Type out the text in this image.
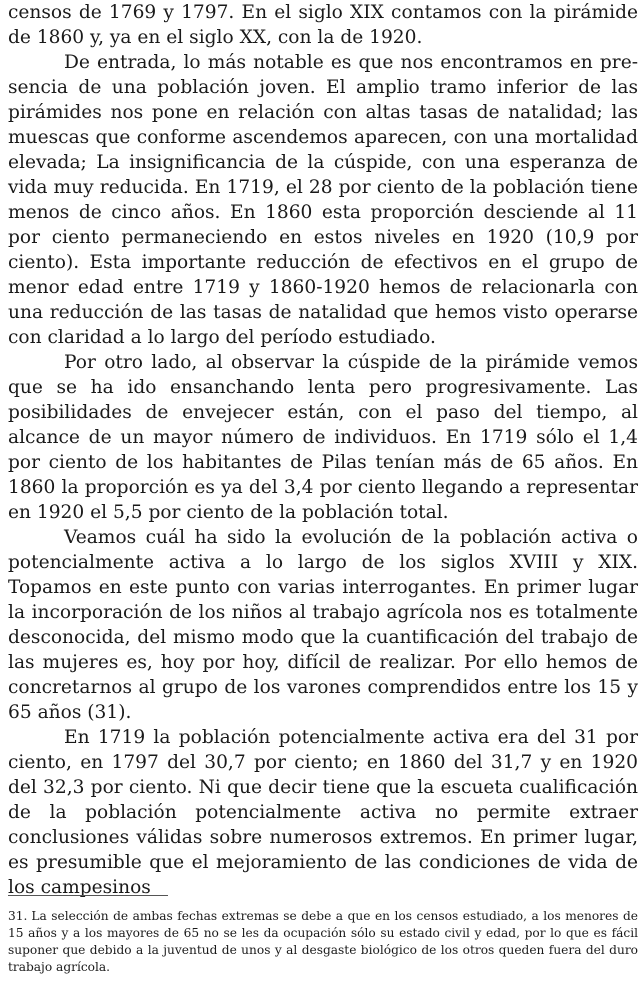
censos de 1769 y 1797. En el siglo XIX contamos con la pirámide de 1860 y, ya en el siglo XX, con la de 1920.

De entrada, lo más notable es que nos encontramos en presencia de una población joven. El amplio tramo inferior de las pirámides nos pone en relación con altas tasas de natalidad; las muescas que conforme ascendemos aparecen, con una mortalidad elevada; La insignificancia de la cúspide, con una esperanza de vida muy reducida. En 1719, el 28 por ciento de la población tiene menos de cinco años. En 1860 esta proporción desciende al 11 por ciento permaneciendo en estos niveles en 1920 (10,9 por ciento). Esta importante reducción de efectivos en el grupo de menor edad entre 1719 y 1860-1920 hemos de relacionarla con una reducción de las tasas de natalidad que hemos visto operarse con claridad a lo largo del período estudiado.

Por otro lado, al observar la cúspide de la pirámide vemos que se ha ido ensanchando lenta pero progresivamente. Las posibilidades de envejecer están, con el paso del tiempo, al alcance de un mayor número de individuos. En 1719 sólo el 1,4 por ciento de los habitantes de Pilas tenían más de 65 años. En 1860 la proporción es ya del 3,4 por ciento llegando a representar en 1920 el 5,5 por ciento de la población total.

Veamos cuál ha sido la evolución de la población activa o potencialmente activa a lo largo de los siglos XVIII y XIX. Topamos en este punto con varias interrogantes. En primer lugar la incorporación de los niños al trabajo agrícola nos es totalmente desconocida, del mismo modo que la cuantificación del trabajo de las mujeres es, hoy por hoy, difícil de realizar. Por ello hemos de concretarnos al grupo de los varones comprendidos entre los 15 y 65 años (31).

En 1719 la población potencialmente activa era del 31 por ciento, en 1797 del 30,7 por ciento; en 1860 del 31,7 y en 1920 del 32,3 por ciento. Ni que decir tiene que la escueta cualificación de la población potencialmente activa no permite extraer conclusiones válidas sobre numerosos extremos. En primer lugar, es presumible que el mejoramiento de las condiciones de vida de los campesinos

31. La selección de ambas fechas extremas se debe a que en los censos estudiado, a los menores de 15 años y a los mayores de 65 no se les da ocupación sólo su estado civil y edad, por lo que es fácil suponer que debido a la juventud de unos y al desgaste biológico de los otros queden fuera del duro trabajo agrícola.
